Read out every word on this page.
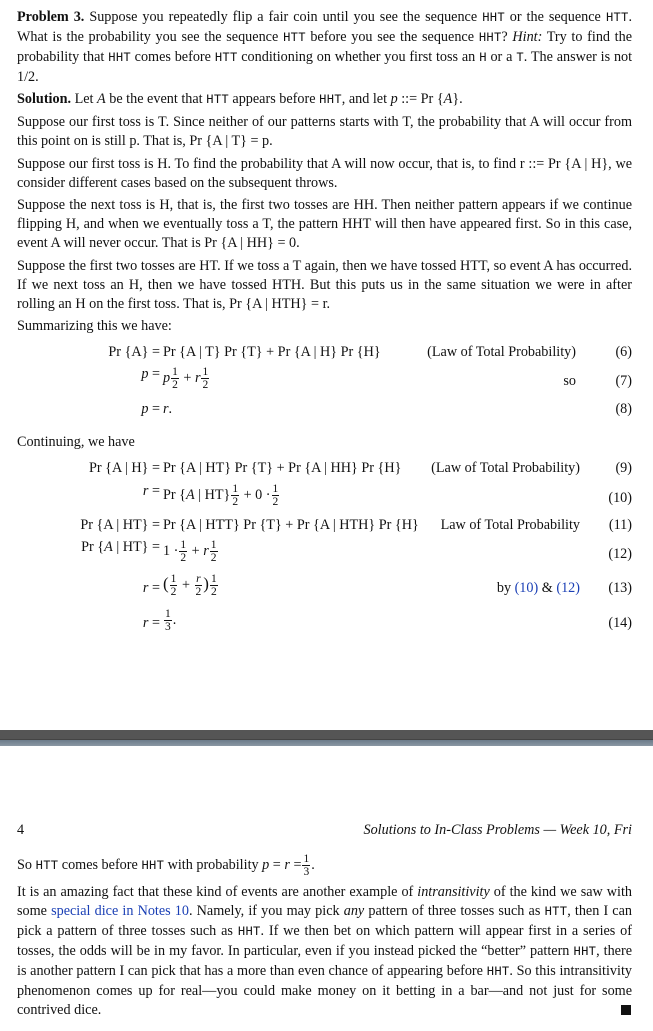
Problem 3. Suppose you repeatedly flip a fair coin until you see the sequence HHT or the sequence HTT. What is the probability you see the sequence HTT before you see the sequence HHT? Hint: Try to find the probability that HHT comes before HTT conditioning on whether you first toss an H or a T. The answer is not 1/2.

Solution. Let A be the event that HTT appears before HHT, and let p ::= Pr {A}.

Suppose our first toss is T. Since neither of our patterns starts with T, the probability that A will occur from this point on is still p. That is, Pr {A | T} = p.

Suppose our first toss is H. To find the probability that A will now occur, that is, to find r ::= Pr {A | H}, we consider different cases based on the subsequent throws.

Suppose the next toss is H, that is, the first two tosses are HH. Then neither pattern appears if we continue flipping H, and when we eventually toss a T, the pattern HHT will then have appeared first. So in this case, event A will never occur. That is Pr {A | HH} = 0.

Suppose the first two tosses are HT. If we toss a T again, then we have tossed HTT, so event A has occurred. If we next toss an H, then we have tossed HTH. But this puts us in the same situation we were in after rolling an H on the first toss. That is, Pr {A | HTH} = r.

Summarizing this we have:

Pr {A} = Pr {A | T} Pr {T} + Pr {A | H} Pr {H}	(Law of Total Probability)	(6)
p = p $\frac{1}{2} + r \frac{1}{2}$	so	(7)
p = r.	(8)

Continuing, we have

Pr {A | H} = Pr {A | HT} Pr {T} + Pr {A | HH} Pr {H}	(Law of Total Probability)	(9)
r = Pr {A | $HT\} \frac{1}{2} + 0 \cdot \frac{1}{2}$	(10)
Pr {A | HT} = Pr {A | HTT} Pr {T} + Pr {A | HTH} Pr {H}	Law of Total Probability	(11)
Pr {A | $HT\} = 1 \cdot \frac{1}{2} + r \frac{1}{2}$	(12)
r = ( $\frac{1}{2} + \frac{r}{2}$ ) $\frac{1}{2}$	by (10) & (12)	(13)
$r = \frac{1}{3}$ .	(14)
4	Solutions to In-Class Problems — Week 10, Fri
So HTT comes before HHT with probability $p = r = \frac{1}{3}$ .

It is an amazing fact that these kind of events are another example of intransitivity of the kind we saw with some special dice in Notes 10. Namely, if you may pick any pattern of three tosses such as HTT, then I can pick a pattern of three tosses such as HHT. If we then bet on which pattern will appear first in a series of tosses, the odds will be in my favor. In particular, even if you instead picked the “better” pattern HHT, there is another pattern I can pick that has a more than even chance of appearing before HHT. So this intransitivity phenomenon comes up for real—you could make money on it betting in a bar—and not just for some contrived dice.
